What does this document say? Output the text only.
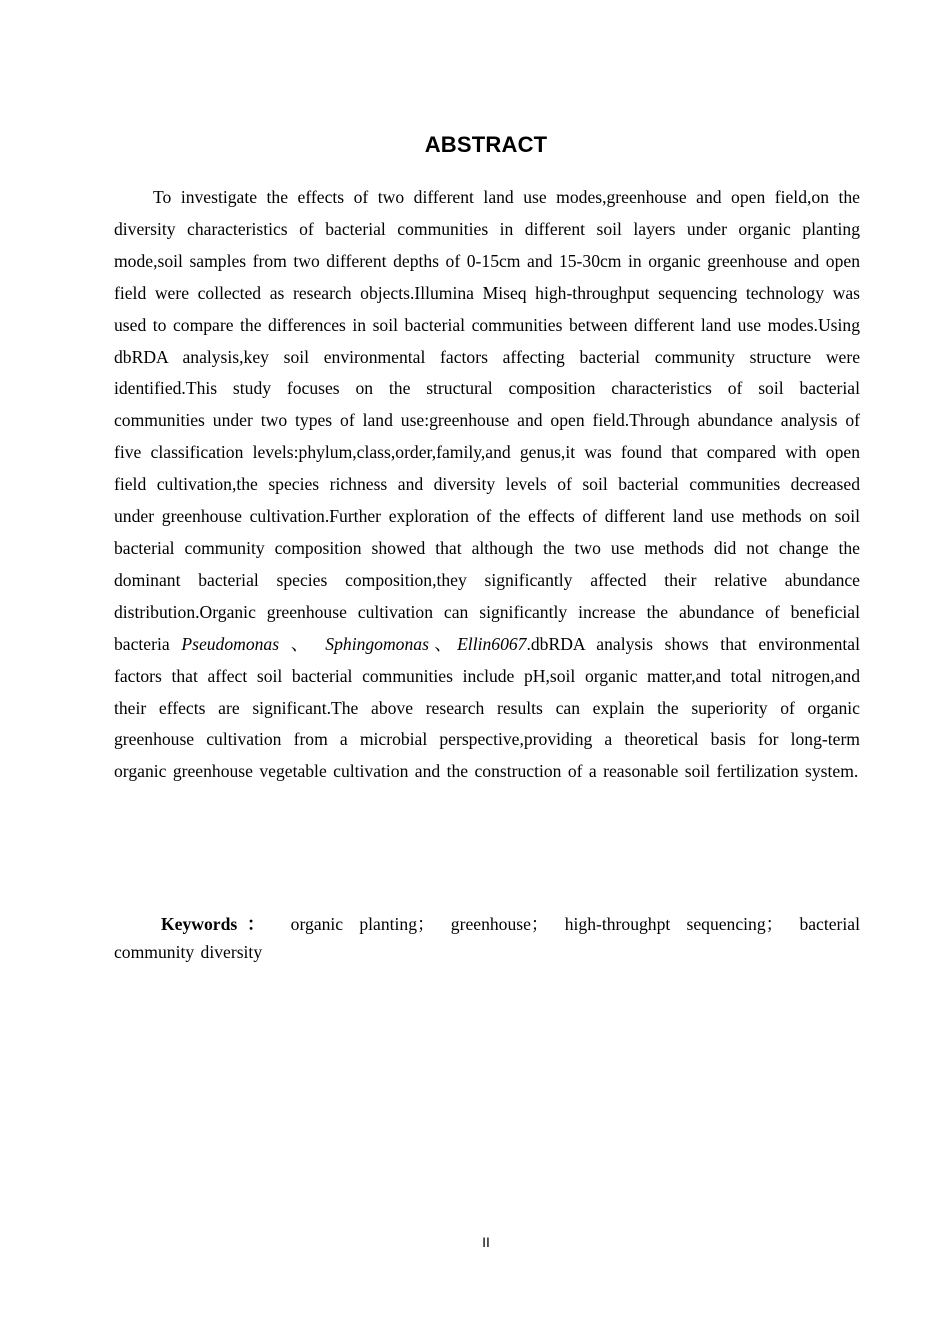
ABSTRACT

To investigate the effects of two different land use modes,greenhouse and open field,on the diversity characteristics of bacterial communities in different soil layers under organic planting mode,soil samples from two different depths of 0-15cm and 15-30cm in organic greenhouse and open field were collected as research objects.Illumina Miseq high-throughput sequencing technology was used to compare the differences in soil bacterial communities between different land use modes.Using dbRDA analysis,key soil environmental factors affecting bacterial community structure were identified.This study focuses on the structural composition characteristics of soil bacterial communities under two types of land use:greenhouse and open field.Through abundance analysis of five classification levels:phylum,class,order,family,and genus,it was found that compared with open field cultivation,the species richness and diversity levels of soil bacterial communities decreased under greenhouse cultivation.Further exploration of the effects of different land use methods on soil bacterial community composition showed that although the two use methods did not change the dominant bacterial species composition,they significantly affected their relative abundance distribution.Organic greenhouse cultivation can significantly increase the abundance of beneficial bacteria Pseudomonas 、 Sphingomonas、Ellin6067.dbRDA analysis shows that environmental factors that affect soil bacterial communities include pH,soil organic matter,and total nitrogen,and their effects are significant.The above research results can explain the superiority of organic greenhouse cultivation from a microbial perspective,providing a theoretical basis for long-term organic greenhouse vegetable cultivation and the construction of a reasonable soil fertilization system.

Keywords： organic planting； greenhouse； high-throughpt sequencing； bacterial community diversity

II
